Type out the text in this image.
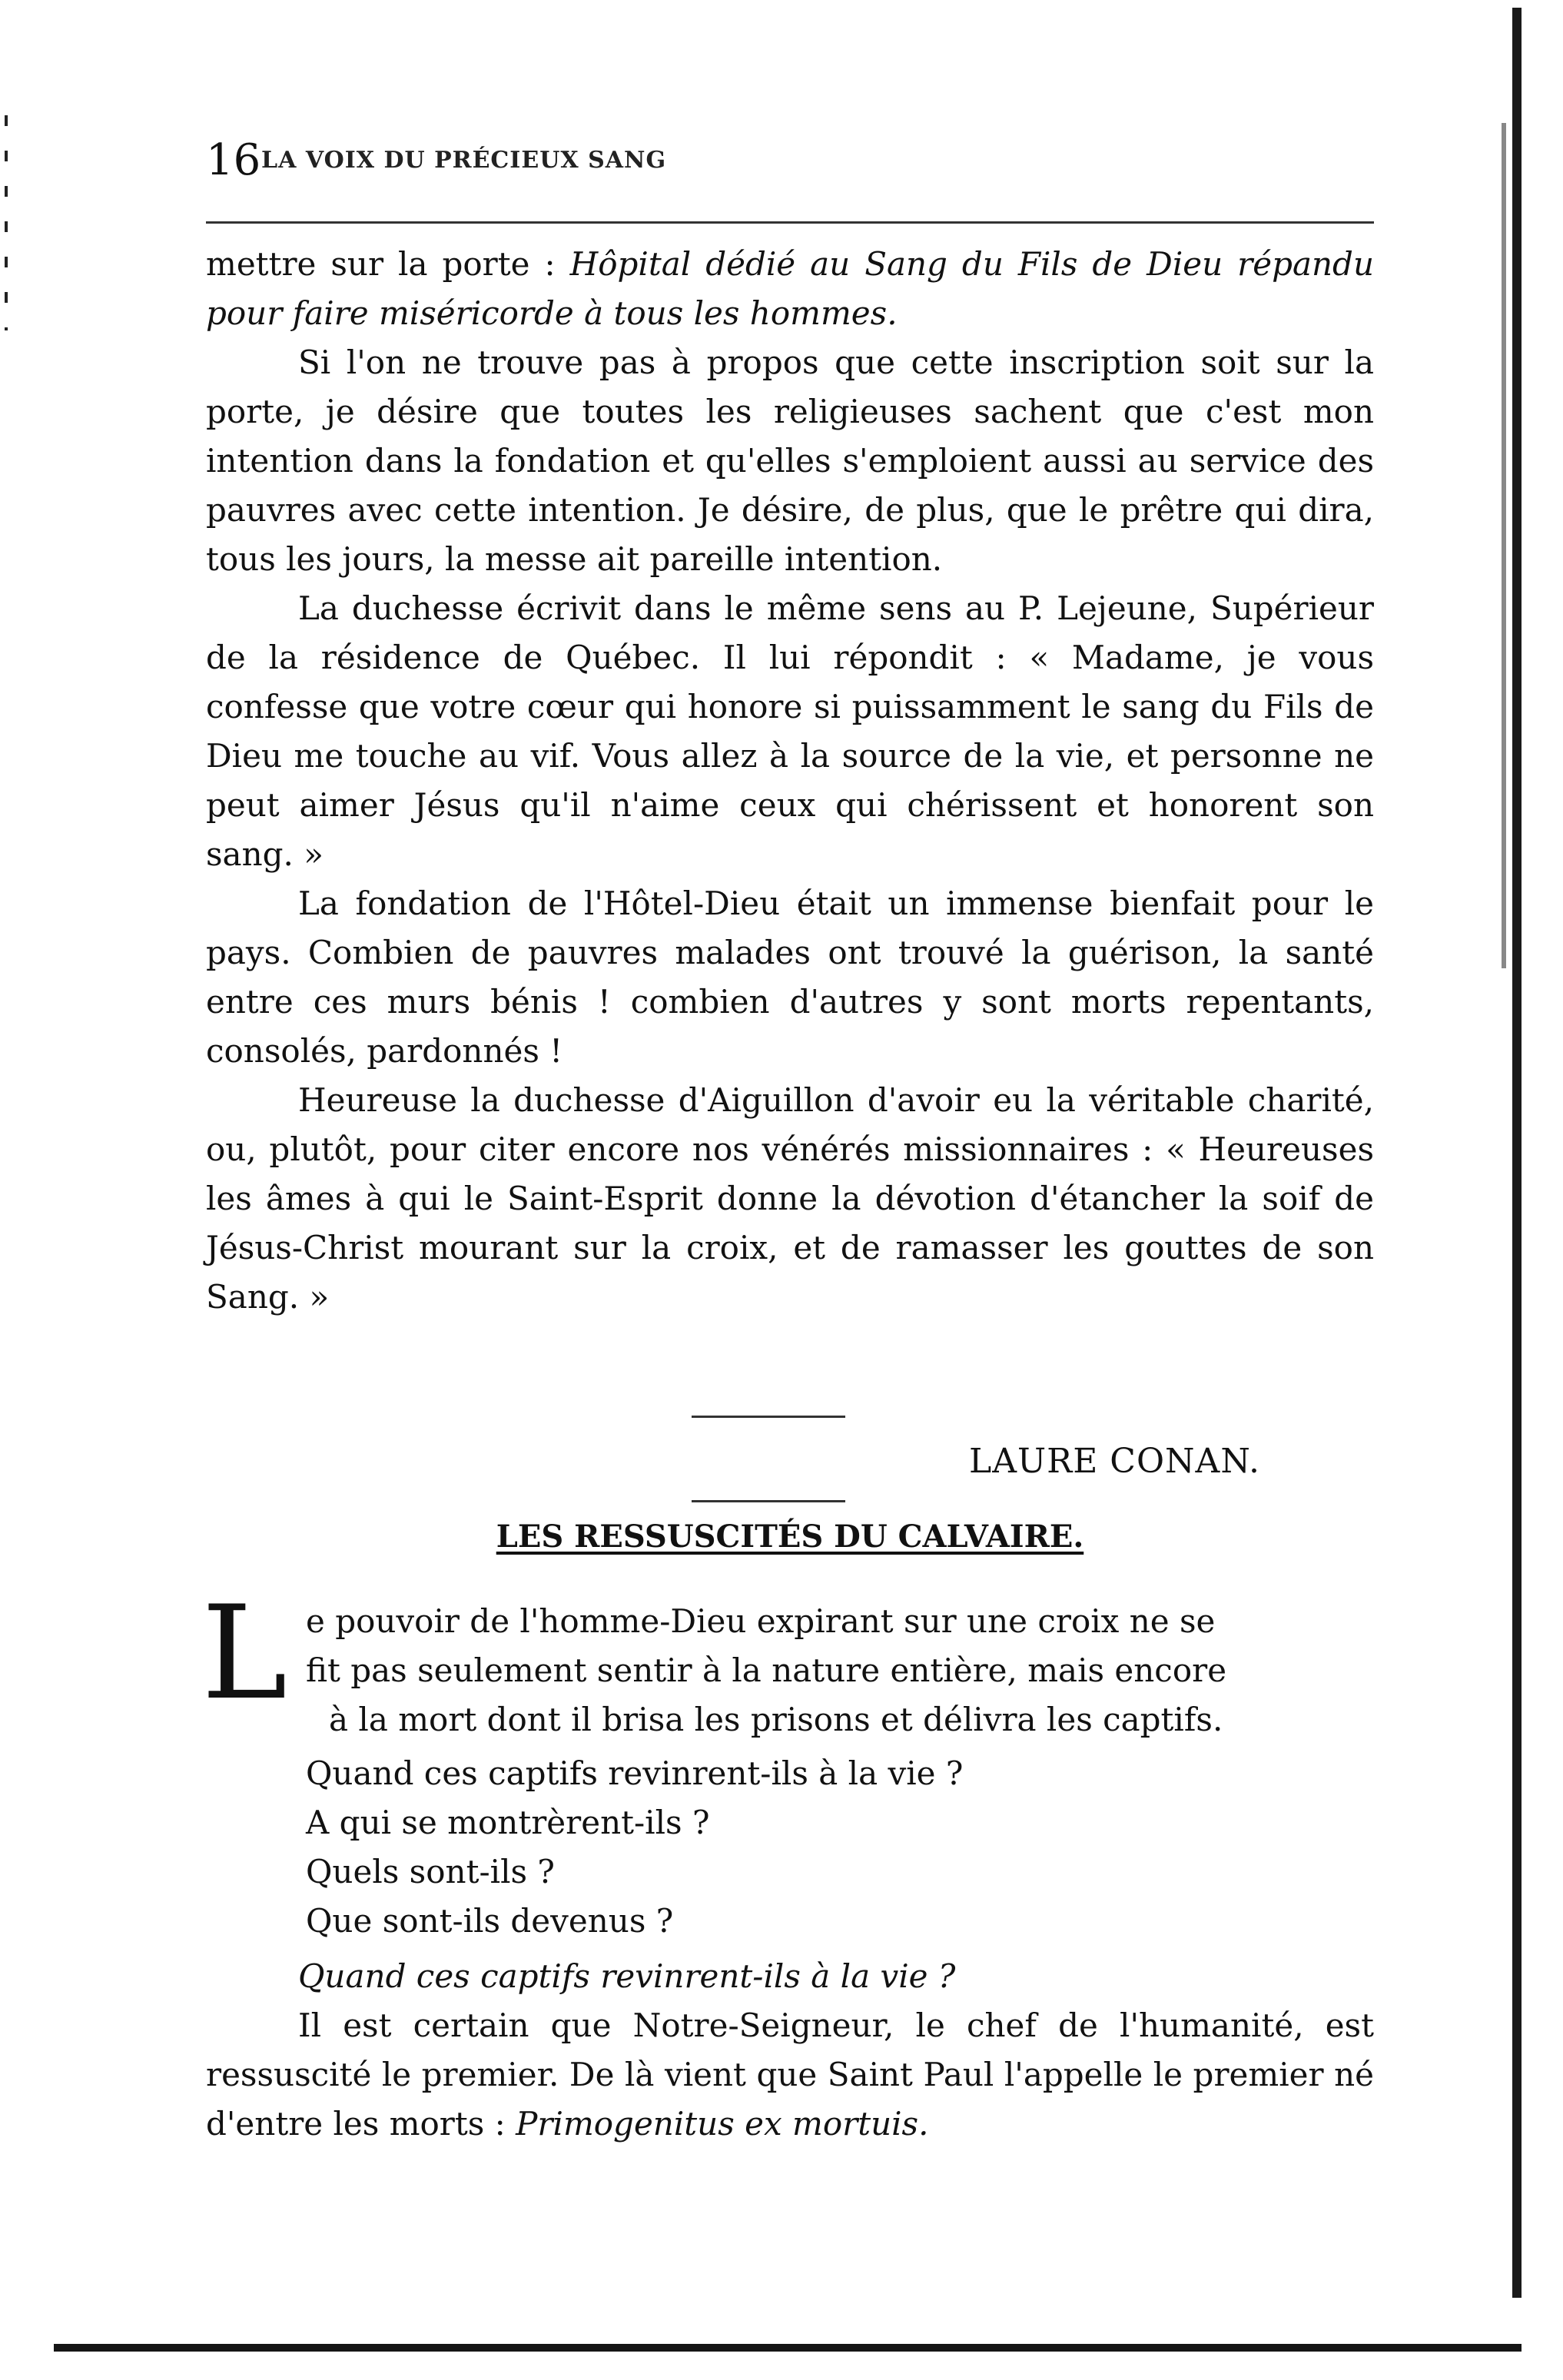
16 LA VOIX DU PRÉCIEUX SANG

mettre sur la porte : Hôpital dédié au Sang du Fils de Dieu répandu pour faire miséricorde à tous les hommes.

Si l'on ne trouve pas à propos que cette inscription soit sur la porte, je désire que toutes les religieuses sachent que c'est mon intention dans la fondation et qu'elles s'emploient aussi au service des pauvres avec cette intention. Je désire, de plus, que le prêtre qui dira, tous les jours, la messe ait pareille intention.

La duchesse écrivit dans le même sens au P. Lejeune, Supérieur de la résidence de Québec. Il lui répondit : « Madame, je vous confesse que votre cœur qui honore si puissamment le sang du Fils de Dieu me touche au vif. Vous allez à la source de la vie, et personne ne peut aimer Jésus qu'il n'aime ceux qui chérissent et honorent son sang. »

La fondation de l'Hôtel-Dieu était un immense bienfait pour le pays. Combien de pauvres malades ont trouvé la guérison, la santé entre ces murs bénis ! combien d'autres y sont morts repentants, consolés, pardonnés !

Heureuse la duchesse d'Aiguillon d'avoir eu la véritable charité, ou, plutôt, pour citer encore nos vénérés missionnaires : « Heureuses les âmes à qui le Saint-Esprit donne la dévotion d'étancher la soif de Jésus-Christ mourant sur la croix, et de ramasser les gouttes de son Sang. »

LAURE CONAN.
LES RESSUSCITÉS DU CALVAIRE.
L e pouvoir de l'homme-Dieu expirant sur une croix ne se

fit pas seulement sentir à la nature entière, mais encore

à la mort dont il brisa les prisons et délivra les captifs.

Quand ces captifs revinrent-ils à la vie ?

A qui se montrèrent-ils ?

Quels sont-ils ?

Que sont-ils devenus ?

Quand ces captifs revinrent-ils à la vie ?

Il est certain que Notre-Seigneur, le chef de l'humanité, est ressuscité le premier. De là vient que Saint Paul l'appelle le premier né d'entre les morts : Primogenitus ex mortuis.
